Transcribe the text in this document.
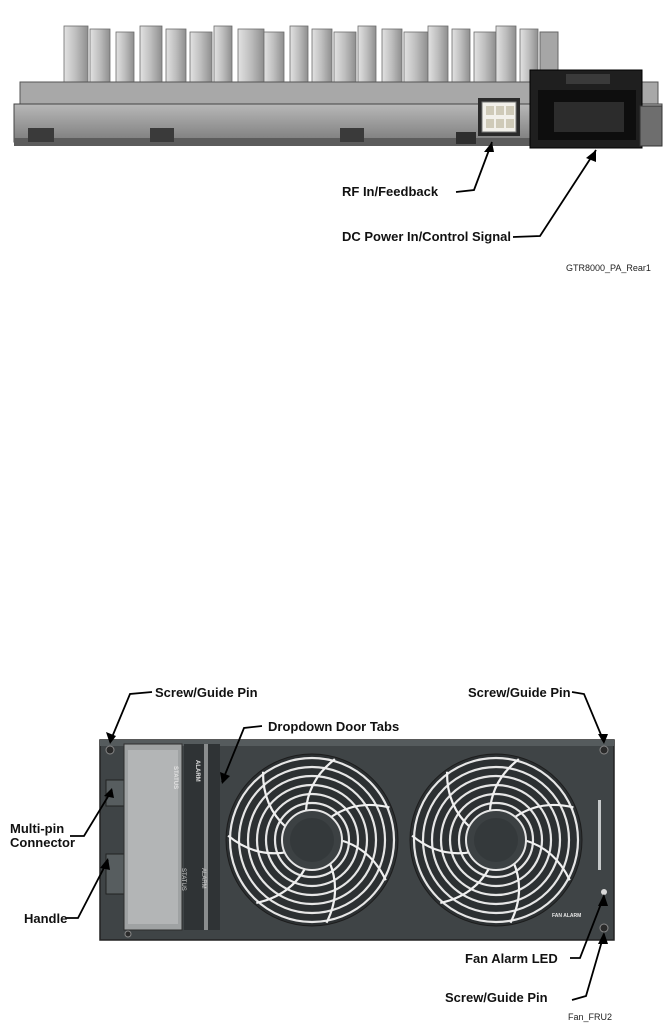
RF In/Feedback
DC Power In/Control Signal
GTR8000_PA_Rear1
STATUS	ALARM
STATUS ALARM
FAN ALARM
Screw/Guide Pin	Screw/Guide Pin
Dropdown Door Tabs
Multi-pin Connector
Handle
Fan Alarm LED
Screw/Guide Pin
Fan_FRU2
